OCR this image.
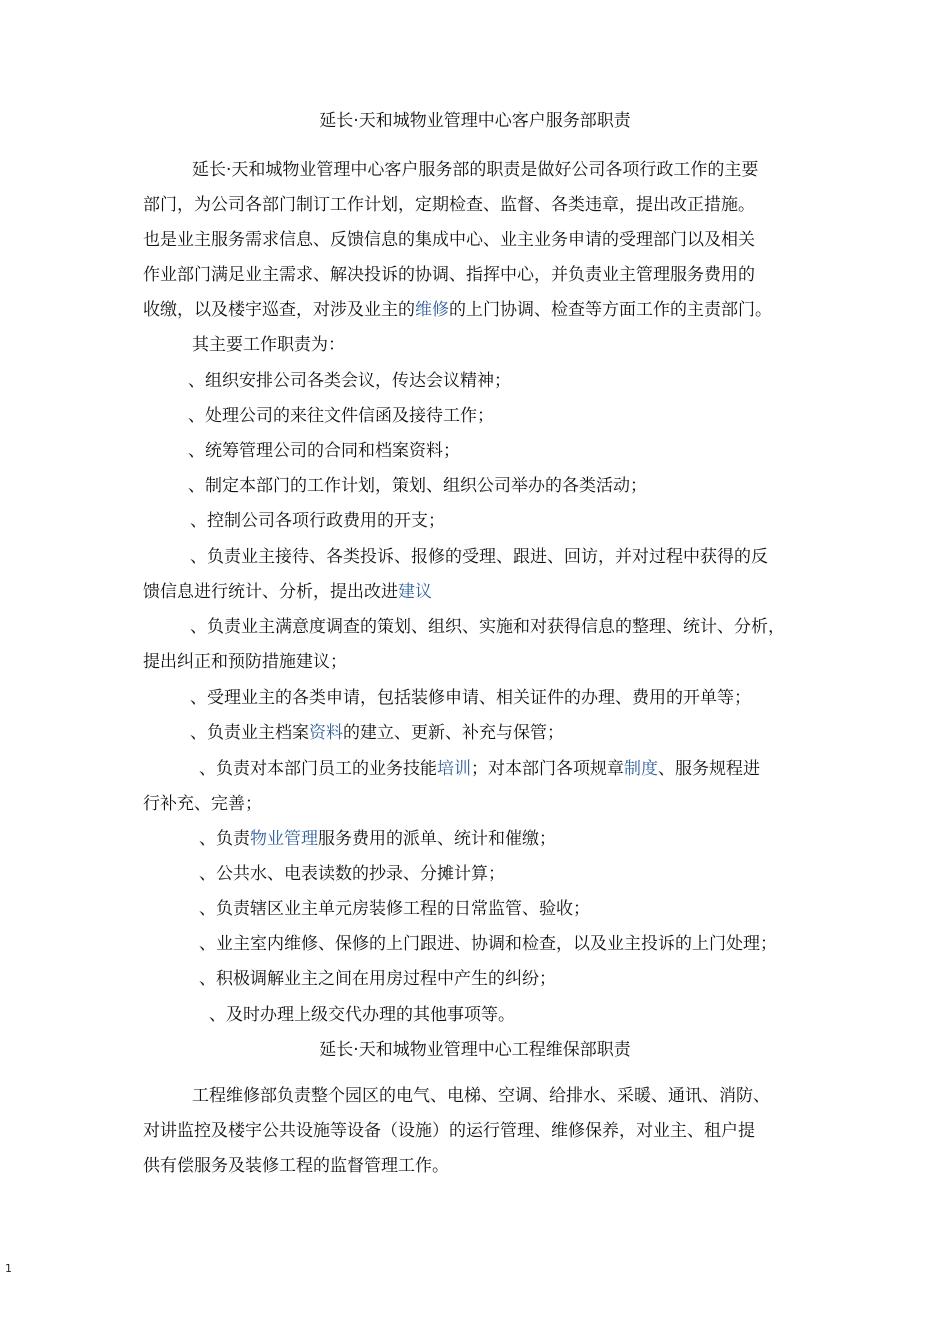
延长·天和城物业管理中心客户服务部职责
延长·天和城物业管理中心客户服务部的职责是做好公司各项行政工作的主要
部门，为公司各部门制订工作计划，定期检查、监督、各类违章，提出改正措施。
也是业主服务需求信息、反馈信息的集成中心、业主业务申请的受理部门以及相关
作业部门满足业主需求、解决投诉的协调、指挥中心，并负责业主管理服务费用的
收缴，以及楼宇巡查，对涉及业主的维修的上门协调、检查等方面工作的主责部门。
其主要工作职责为：
、组织安排公司各类会议，传达会议精神；
、处理公司的来往文件信函及接待工作；
、统筹管理公司的合同和档案资料；
、制定本部门的工作计划，策划、组织公司举办的各类活动；
、控制公司各项行政费用的开支；
、负责业主接待、各类投诉、报修的受理、跟进、回访，并对过程中获得的反
馈信息进行统计、分析，提出改进建议
、负责业主满意度调查的策划、组织、实施和对获得信息的整理、统计、分析，
提出纠正和预防措施建议；
、受理业主的各类申请，包括装修申请、相关证件的办理、费用的开单等；
、负责业主档案资料的建立、更新、补充与保管；
、负责对本部门员工的业务技能培训；对本部门各项规章制度、服务规程进
行补充、完善；
、负责物业管理服务费用的派单、统计和催缴；
、公共水、电表读数的抄录、分摊计算；
、负责辖区业主单元房装修工程的日常监管、验收；
、业主室内维修、保修的上门跟进、协调和检查，以及业主投诉的上门处理；
、积极调解业主之间在用房过程中产生的纠纷；
、及时办理上级交代办理的其他事项等。
延长·天和城物业管理中心工程维保部职责
工程维修部负责整个园区的电气、电梯、空调、给排水、采暖、通讯、消防、
对讲监控及楼宇公共设施等设备（设施）的运行管理、维修保养，对业主、租户提
供有偿服务及装修工程的监督管理工作。
1
